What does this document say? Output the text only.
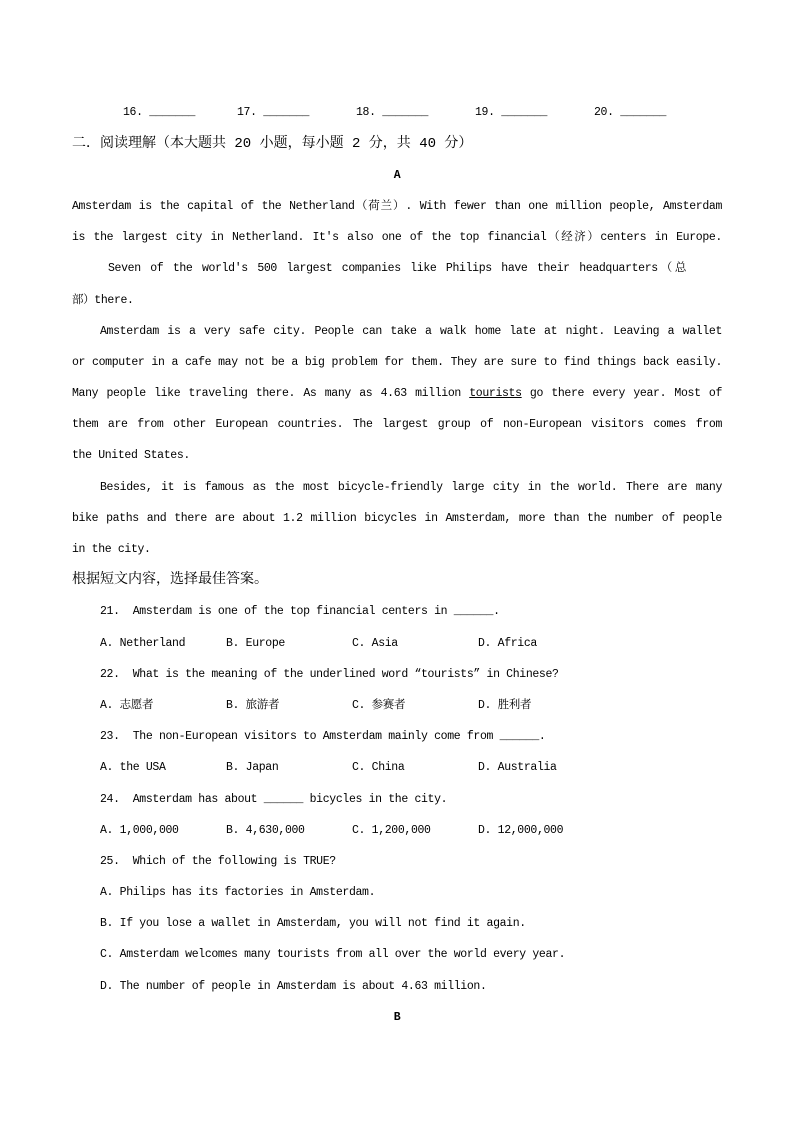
16. _______	17. _______	18. _______	19. _______	20. _______
二．阅读理解（本大题共 20 小题，每小题 2 分，共 40 分）
A
Amsterdam is the capital of the Netherland（荷兰）. With fewer than one million people, Amsterdam
is the largest city in Netherland. It's also one of the top financial（经济）centers in Europe.
Seven of the world's 500 largest companies like Philips have their headquarters（总
部）there.
Amsterdam is a very safe city. People can take a walk home late at night. Leaving a wallet
or computer in a cafe may not be a big problem for them. They are sure to find things back easily.
Many people like traveling there. As many as 4.63 million tourists go there every year. Most of
them are from other European countries. The largest group of non-European visitors comes from
the United States.
Besides, it is famous as the most bicycle-friendly large city in the world. There are many
bike paths and there are about 1.2 million bicycles in Amsterdam, more than the number of people
in the city.
根据短文内容，选择最佳答案。
21.  Amsterdam is one of the top financial centers in ______.
A. Netherland	B. Europe	C. Asia	D. Africa
22.  What is the meaning of the underlined word “tourists” in Chinese?
A. 志愿者	B. 旅游者	C. 参赛者	D. 胜利者
23.  The non-European visitors to Amsterdam mainly come from ______.
A. the USA	B. Japan	C. China	D. Australia
24.  Amsterdam has about ______ bicycles in the city.
A. 1,000,000	B. 4,630,000	C. 1,200,000	D. 12,000,000
25.  Which of the following is TRUE?
A. Philips has its factories in Amsterdam.
B. If you lose a wallet in Amsterdam, you will not find it again.
C. Amsterdam welcomes many tourists from all over the world every year.
D. The number of people in Amsterdam is about 4.63 million.
B
